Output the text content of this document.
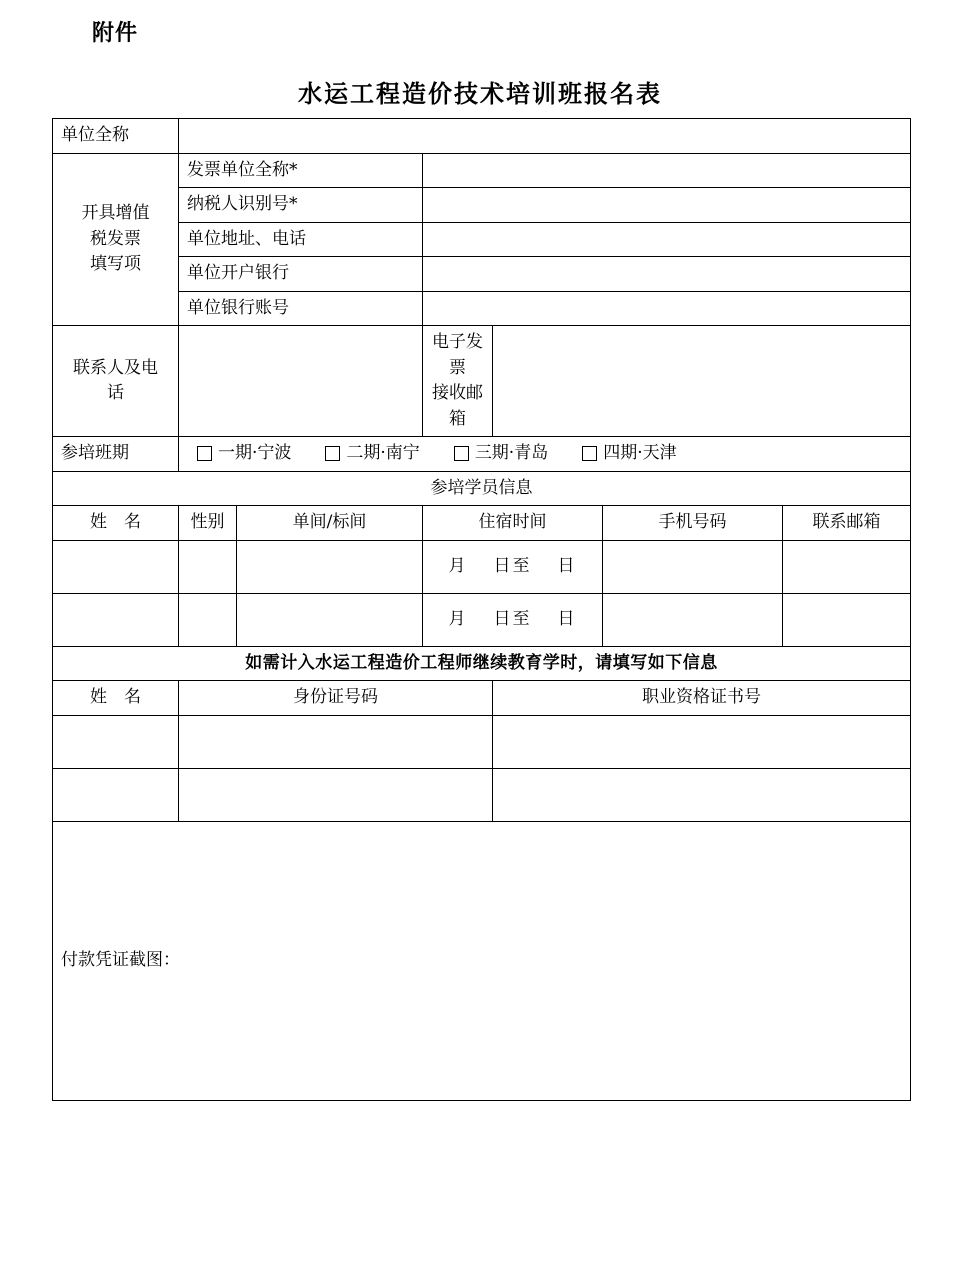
附件
水运工程造价技术培训班报名表
单位全称						

开具增值
税发票
填写项	发票单位全称*					
	纳税人识别号*					
	单位地址、电话					
	单位开户银行					
	单位银行账号					

联系人及电
话

电子发票
接收邮箱

参培班期	一期·宁波 二期·南宁 三期·青岛 四期·天津					

参培学员信息						
姓　名	性别	单间/标间	住宿时间		手机号码	联系邮箱
			月 日至 日			
			月 日至 日			
如需计入水运工程造价工程师继续教育学时，请填写如下信息						
姓　名	身份证号码			职业资格证书号		

付款凭证截图：						
